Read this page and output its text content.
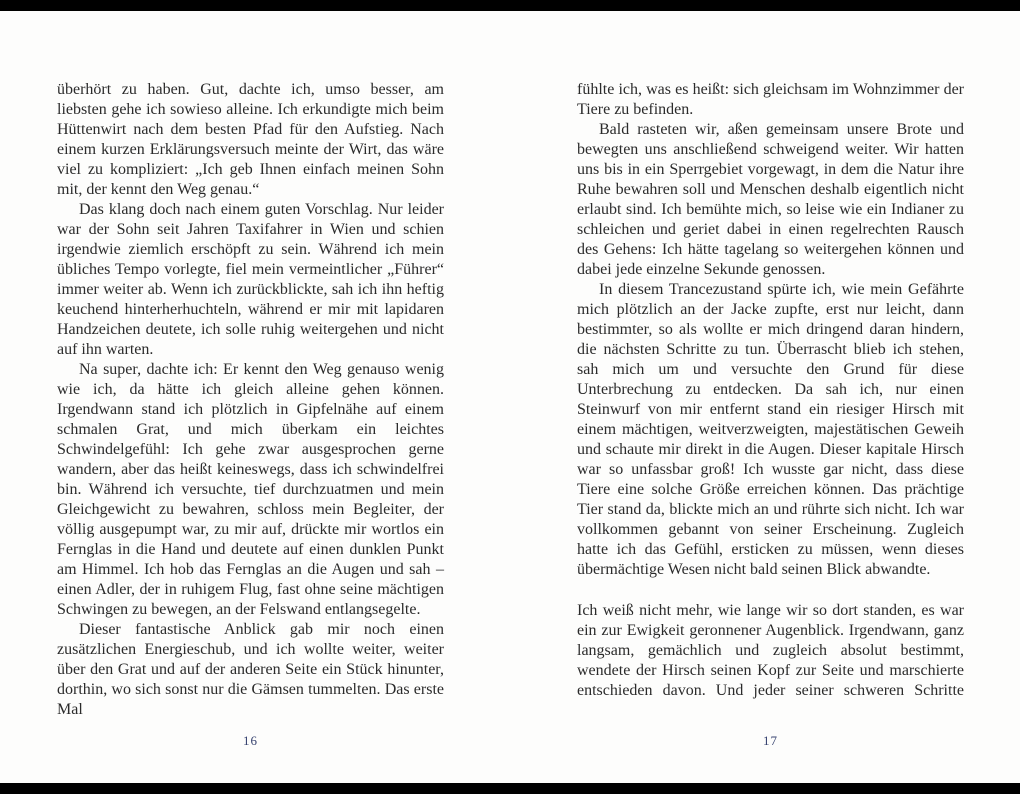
überhört zu haben. Gut, dachte ich, umso besser, am liebsten gehe ich sowieso alleine. Ich erkundigte mich beim Hüttenwirt nach dem besten Pfad für den Aufstieg. Nach einem kurzen Erklärungsversuch meinte der Wirt, das wäre viel zu kompliziert: „Ich geb Ihnen einfach meinen Sohn mit, der kennt den Weg genau.“

Das klang doch nach einem guten Vorschlag. Nur leider war der Sohn seit Jahren Taxifahrer in Wien und schien irgendwie ziemlich erschöpft zu sein. Während ich mein übliches Tempo vorlegte, fiel mein vermeintlicher „Führer“ immer weiter ab. Wenn ich zurückblickte, sah ich ihn heftig keuchend hinterherhuchteln, während er mir mit lapidaren Handzeichen deutete, ich solle ruhig weitergehen und nicht auf ihn warten.

Na super, dachte ich: Er kennt den Weg genauso wenig wie ich, da hätte ich gleich alleine gehen können. Irgendwann stand ich plötzlich in Gipfelnähe auf einem schmalen Grat, und mich überkam ein leichtes Schwindelgefühl: Ich gehe zwar ausgesprochen gerne wandern, aber das heißt keineswegs, dass ich schwindelfrei bin. Während ich versuchte, tief durchzuatmen und mein Gleichgewicht zu bewahren, schloss mein Begleiter, der völlig ausgepumpt war, zu mir auf, drückte mir wortlos ein Fernglas in die Hand und deutete auf einen dunklen Punkt am Himmel. Ich hob das Fernglas an die Augen und sah – einen Adler, der in ruhigem Flug, fast ohne seine mächtigen Schwingen zu bewegen, an der Felswand entlangsegelte.

Dieser fantastische Anblick gab mir noch einen zusätzlichen Energieschub, und ich wollte weiter, weiter über den Grat und auf der anderen Seite ein Stück hinunter, dorthin, wo sich sonst nur die Gämsen tummelten. Das erste Mal

fühlte ich, was es heißt: sich gleichsam im Wohnzimmer der Tiere zu befinden.

Bald rasteten wir, aßen gemeinsam unsere Brote und bewegten uns anschließend schweigend weiter. Wir hatten uns bis in ein Sperrgebiet vorgewagt, in dem die Natur ihre Ruhe bewahren soll und Menschen deshalb eigentlich nicht erlaubt sind. Ich bemühte mich, so leise wie ein Indianer zu schleichen und geriet dabei in einen regelrechten Rausch des Gehens: Ich hätte tagelang so weitergehen können und dabei jede einzelne Sekunde genossen.

In diesem Trancezustand spürte ich, wie mein Gefährte mich plötzlich an der Jacke zupfte, erst nur leicht, dann bestimmter, so als wollte er mich dringend daran hindern, die nächsten Schritte zu tun. Überrascht blieb ich stehen, sah mich um und versuchte den Grund für diese Unterbrechung zu entdecken. Da sah ich, nur einen Steinwurf von mir entfernt stand ein riesiger Hirsch mit einem mächtigen, weitverzweigten, majestätischen Geweih und schaute mir direkt in die Augen. Dieser kapitale Hirsch war so unfassbar groß! Ich wusste gar nicht, dass diese Tiere eine solche Größe erreichen können. Das prächtige Tier stand da, blickte mich an und rührte sich nicht. Ich war vollkommen gebannt von seiner Erscheinung. Zugleich hatte ich das Gefühl, ersticken zu müssen, wenn dieses übermächtige Wesen nicht bald seinen Blick abwandte.

Ich weiß nicht mehr, wie lange wir so dort standen, es war ein zur Ewigkeit geronnener Augenblick. Irgendwann, ganz langsam, gemächlich und zugleich absolut bestimmt, wendete der Hirsch seinen Kopf zur Seite und marschierte entschieden davon. Und jeder seiner schweren Schritte

16	17
